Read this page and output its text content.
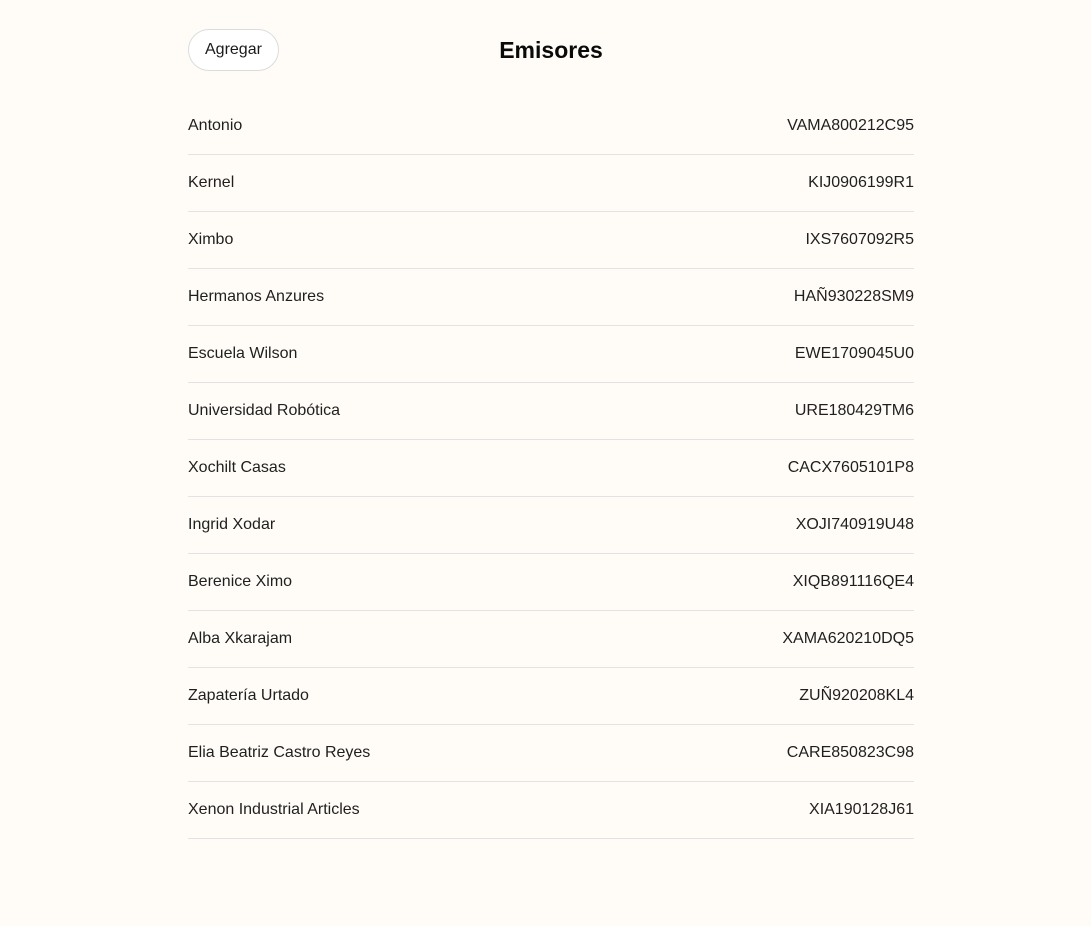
Agregar	Emisores
Antonio	VAMA800212C95
Kernel	KIJ0906199R1
Ximbo	IXS7607092R5
Hermanos Anzures	HAÑ930228SM9
Escuela Wilson	EWE1709045U0
Universidad Robótica	URE180429TM6
Xochilt Casas	CACX7605101P8
Ingrid Xodar	XOJI740919U48
Berenice Ximo	XIQB891116QE4
Alba Xkarajam	XAMA620210DQ5
Zapatería Urtado	ZUÑ920208KL4
Elia Beatriz Castro Reyes	CARE850823C98
Xenon Industrial Articles	XIA190128J61
